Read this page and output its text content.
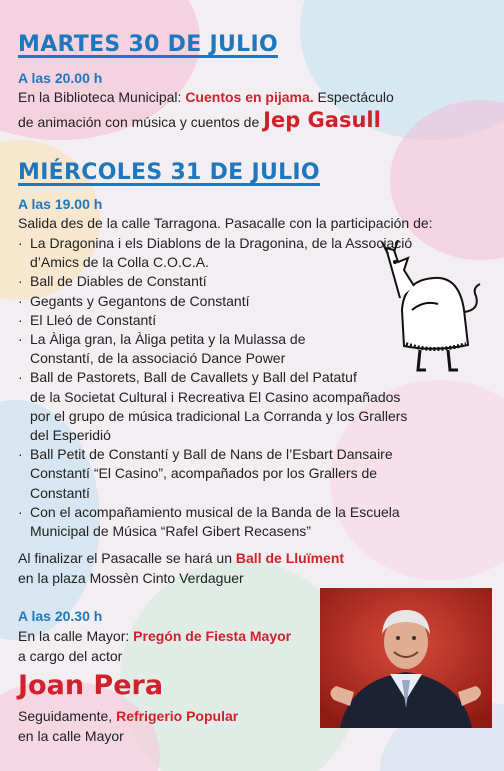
MARTES 30 DE JULIO
A las 20.00 h
En la Biblioteca Municipal: Cuentos en pijama. Espectáculo
de animación con música y cuentos de Jep Gasull
MIÉRCOLES 31 DE JULIO
A las 19.00 h
Salida des de la calle Tarragona. Pasacalle con la participación de:
· La Dragonina i els Diablons de la Dragonina, de la Associació
d’Amics de la Colla C.O.C.A.
· Ball de Diables de Constantí
· Gegants y Gegantons de Constantí
· El Lleó de Constantí
· La Àliga gran, la Àliga petita y la Mulassa de
Constantí, de la associació Dance Power
· Ball de Pastorets, Ball de Cavallets y Ball del Patatuf
de la Societat Cultural i Recreativa El Casino acompañados
por el grupo de música tradicional La Corranda y los Grallers
del Esperidió
· Ball Petit de Constantí y Ball de Nans de l’Esbart Dansaire
Constantí “El Casino”, acompañados por los Grallers de
Constantí
· Con el acompañamiento musical de la Banda de la Escuela
Municipal de Música “Rafel Gibert Recasens”
Al finalizar el Pasacalle se hará un Ball de Lluïment
en la plaza Mossèn Cinto Verdaguer
A las 20.30 h
En la calle Mayor: Pregón de Fiesta Mayor
a cargo del actor
Joan Pera
Seguidamente, Refrigerio Popular
en la calle Mayor
